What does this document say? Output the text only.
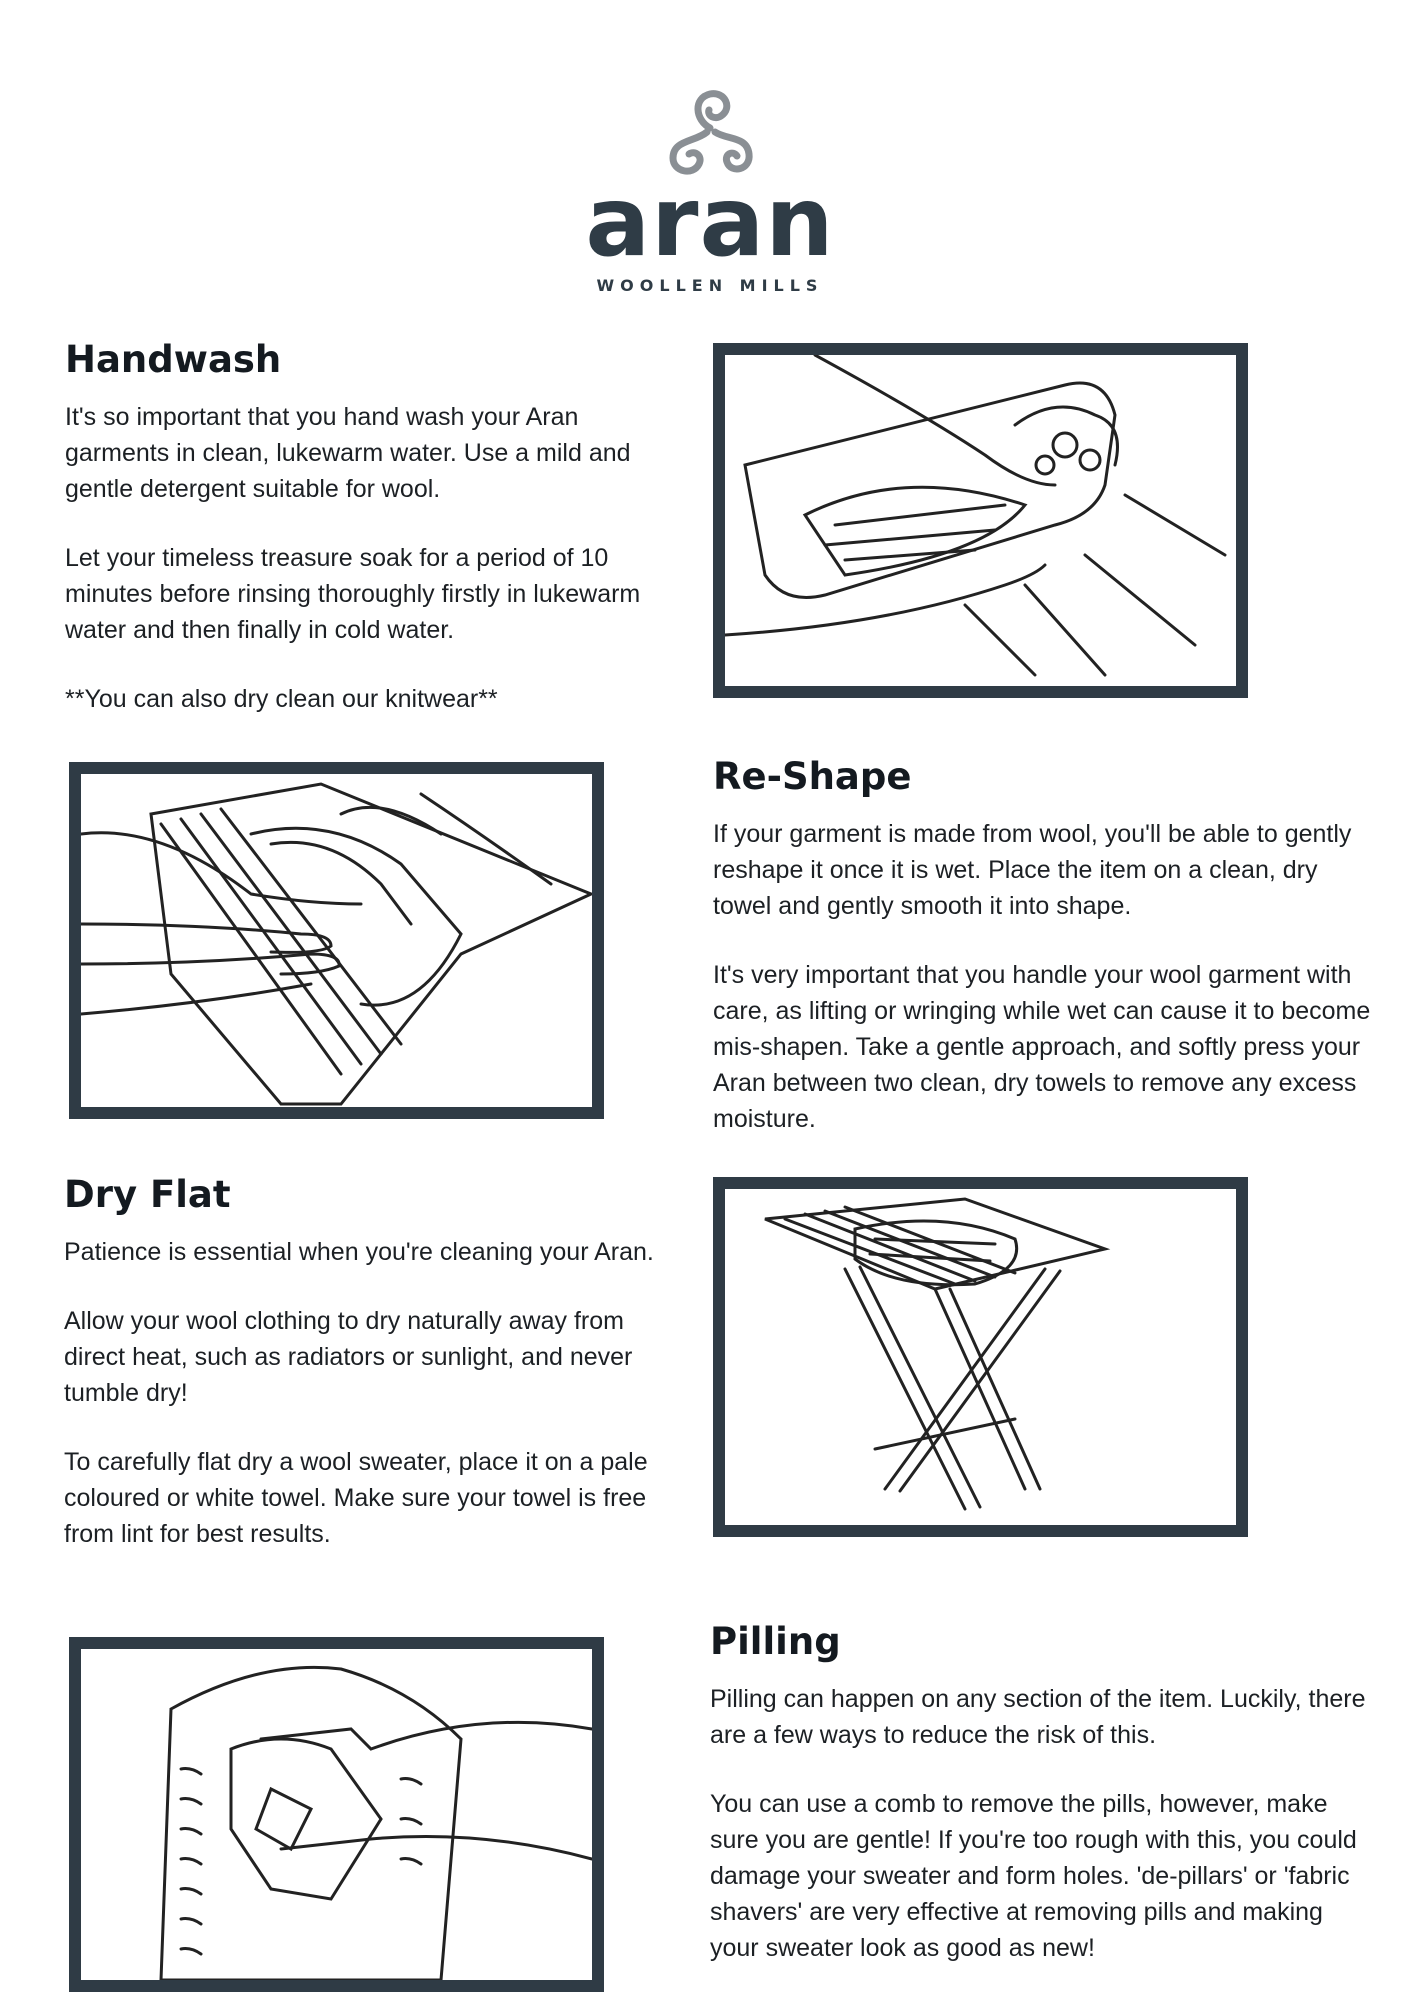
aran
WOOLLEN MILLS
Handwash

It's so important that you hand wash your Aran garments in clean, lukewarm water. Use a mild and gentle detergent suitable for wool.

Let your timeless treasure soak for a period of 10 minutes before rinsing thoroughly firstly in lukewarm water and then finally in cold water.

**You can also dry clean our knitwear**

Re-Shape

If your garment is made from wool, you'll be able to gently reshape it once it is wet. Place the item on a clean, dry towel and gently smooth it into shape.

It's very important that you handle your wool garment with care, as lifting or wringing while wet can cause it to become mis-shapen. Take a gentle approach, and softly press your Aran between two clean, dry towels to remove any excess moisture.

Dry Flat

Patience is essential when you're cleaning your Aran.

Allow your wool clothing to dry naturally away from direct heat, such as radiators or sunlight, and never tumble dry!

To carefully flat dry a wool sweater, place it on a pale coloured or white towel. Make sure your towel is free from lint for best results.

Pilling

Pilling can happen on any section of the item. Luckily, there are a few ways to reduce the risk of this.

You can use a comb to remove the pills, however, make sure you are gentle! If you're too rough with this, you could damage your sweater and form holes. 'de-pillars' or 'fabric shavers' are very effective at removing pills and making your sweater look as good as new!
